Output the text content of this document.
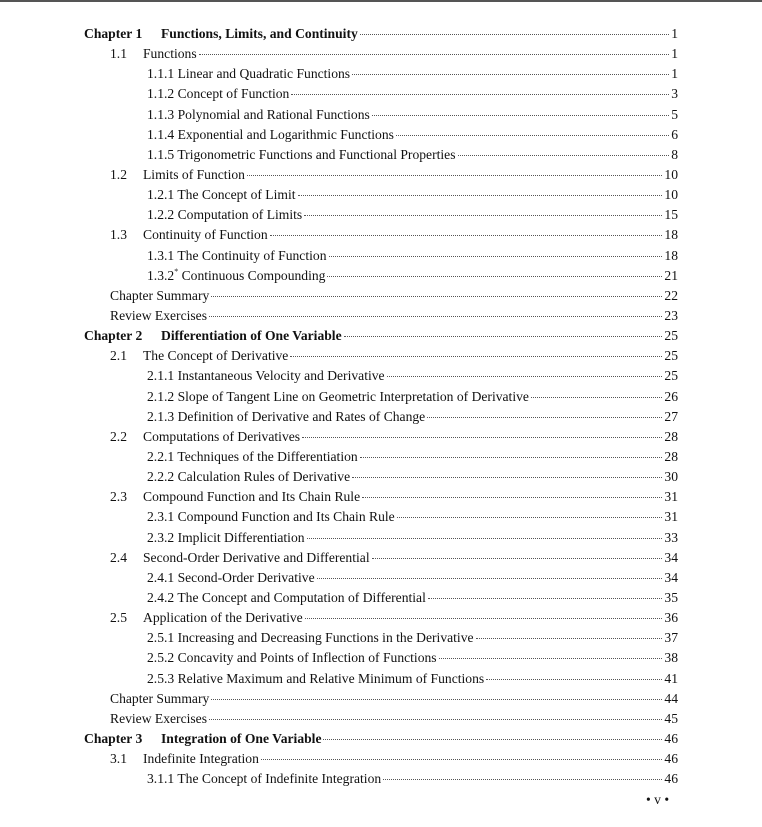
Chapter 1	Functions, Limits, and Continuity	1
1.1	Functions	1
1.1.1 Linear and Quadratic Functions	1
1.1.2 Concept of Function	3
1.1.3 Polynomial and Rational Functions	5
1.1.4 Exponential and Logarithmic Functions	6
1.1.5 Trigonometric Functions and Functional Properties	8
1.2	Limits of Function	10
1.2.1 The Concept of Limit	10
1.2.2 Computation of Limits	15
1.3	Continuity of Function	18
1.3.1 The Continuity of Function	18
1.3.2* Continuous Compounding	21
Chapter Summary	22
Review Exercises	23
Chapter 2	Differentiation of One Variable	25
2.1	The Concept of Derivative	25
2.1.1 Instantaneous Velocity and Derivative	25
2.1.2 Slope of Tangent Line on Geometric Interpretation of Derivative	26
2.1.3 Definition of Derivative and Rates of Change	27
2.2	Computations of Derivatives	28
2.2.1 Techniques of the Differentiation	28
2.2.2 Calculation Rules of Derivative	30
2.3	Compound Function and Its Chain Rule	31
2.3.1 Compound Function and Its Chain Rule	31
2.3.2 Implicit Differentiation	33
2.4	Second-Order Derivative and Differential	34
2.4.1 Second-Order Derivative	34
2.4.2 The Concept and Computation of Differential	35
2.5	Application of the Derivative	36
2.5.1 Increasing and Decreasing Functions in the Derivative	37
2.5.2 Concavity and Points of Inflection of Functions	38
2.5.3 Relative Maximum and Relative Minimum of Functions	41
Chapter Summary	44
Review Exercises	45
Chapter 3	Integration of One Variable	46
3.1	Indefinite Integration	46
3.1.1 The Concept of Indefinite Integration	46
• v •
